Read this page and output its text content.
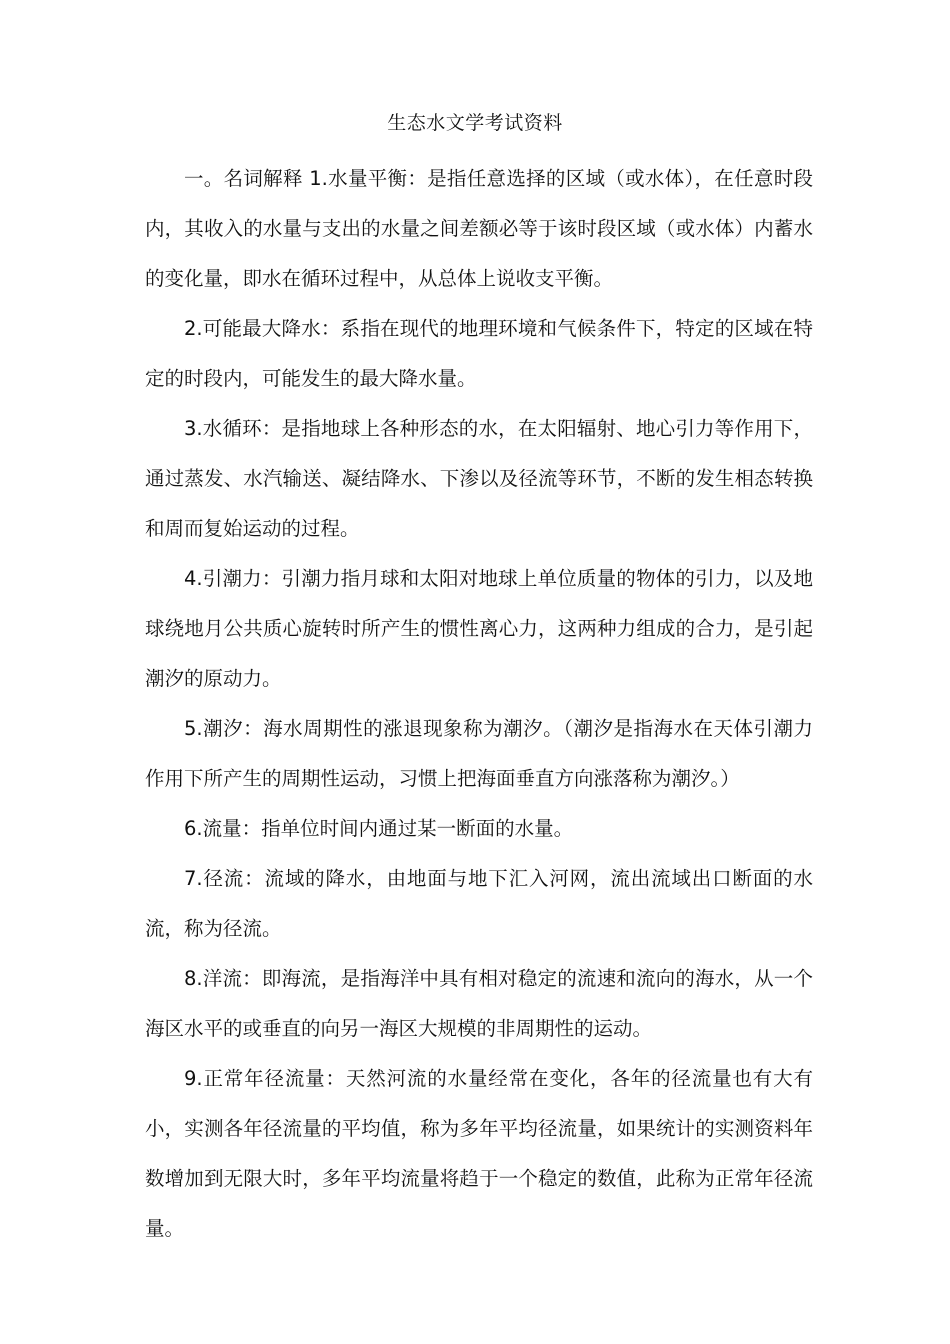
生态水文学考试资料

一。名词解释 1.水量平衡：是指任意选择的区域（或水体），在任意时段内，其收入的水量与支出的水量之间差额必等于该时段区域（或水体）内蓄水的变化量，即水在循环过程中，从总体上说收支平衡。

2.可能最大降水：系指在现代的地理环境和气候条件下，特定的区域在特定的时段内，可能发生的最大降水量。

3.水循环：是指地球上各种形态的水，在太阳辐射、地心引力等作用下，通过蒸发、水汽输送、凝结降水、下渗以及径流等环节，不断的发生相态转换和周而复始运动的过程。

4.引潮力：引潮力指月球和太阳对地球上单位质量的物体的引力，以及地球绕地月公共质心旋转时所产生的惯性离心力，这两种力组成的合力，是引起潮汐的原动力。

5.潮汐：海水周期性的涨退现象称为潮汐。（潮汐是指海水在天体引潮力作用下所产生的周期性运动，习惯上把海面垂直方向涨落称为潮汐。）

6.流量：指单位时间内通过某一断面的水量。

7.径流：流域的降水，由地面与地下汇入河网，流出流域出口断面的水流，称为径流。

8.洋流：即海流，是指海洋中具有相对稳定的流速和流向的海水，从一个海区水平的或垂直的向另一海区大规模的非周期性的运动。

9.正常年径流量：天然河流的水量经常在变化，各年的径流量也有大有小，实测各年径流量的平均值，称为多年平均径流量，如果统计的实测资料年数增加到无限大时，多年平均流量将趋于一个稳定的数值，此称为正常年径流量。
